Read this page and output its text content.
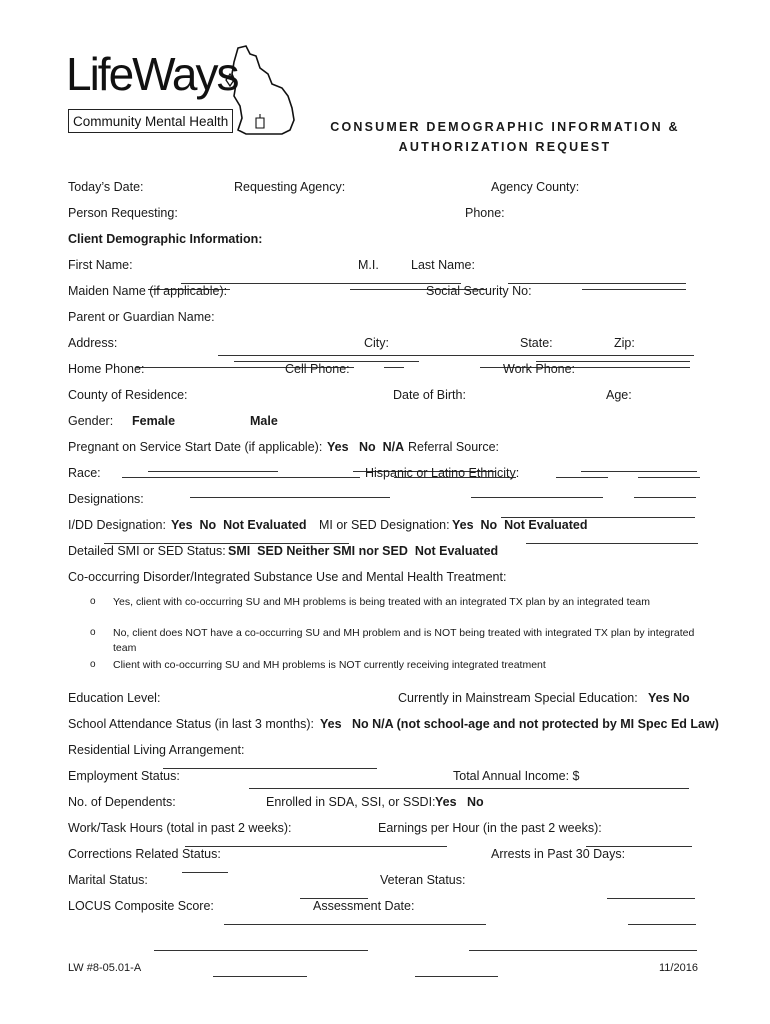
LifeWays
Community Mental Health	CONSUMER DEMOGRAPHIC INFORMATION &
AUTHORIZATION REQUEST

Today’s Date:

	Requesting Agency:

	Agency County:

Person Requesting:

	Phone:

Client Demographic Information:

First Name:

	M.I.

	Last Name:

Maiden Name (if applicable):

	Social Security No:

Parent or Guardian Name:

Address:

	City:

	State:

	Zip:

Home Phone:

	Cell Phone:

	Work Phone:

County of Residence:

	Date of Birth:

	Age:

Gender:

Female

	Male

Pregnant on Service Start Date (if applicable):

Yes   No  N/A

Referral Source:

Race:

	Hispanic or Latino Ethnicity:

Designations:

I/DD Designation:

Yes  No  Not Evaluated

MI or SED Designation:

Yes  No  Not Evaluated

Detailed SMI or SED Status:

SMI  SED Neither SMI nor SED  Not Evaluated

Co-occurring Disorder/Integrated Substance Use and Mental Health Treatment:
o Yes, client with co-occurring SU and MH problems is being treated with an integrated TX plan by an integrated team
o No, client does NOT have a co-occurring SU and MH problem and is NOT being treated with integrated TX plan by integrated team
o Client with co-occurring SU and MH problems is NOT currently receiving integrated treatment

Education Level:

	Currently in Mainstream Special Education:

Yes No

School Attendance Status (in last 3 months):

Yes   No N/A (not school-age and not protected by MI Spec Ed Law)

Residential Living Arrangement:

Employment Status:

	Total Annual Income: $

No. of Dependents:

	Enrolled in SDA, SSI, or SSDI:

Yes   No

Work/Task Hours (total in past 2 weeks):

	Earnings per Hour (in the past 2 weeks):

Corrections Related Status:

	Arrests in Past 30 Days:

Marital Status:

	Veteran Status:

LOCUS Composite Score:

	Assessment Date:

LW #8-05.01-A	11/2016
